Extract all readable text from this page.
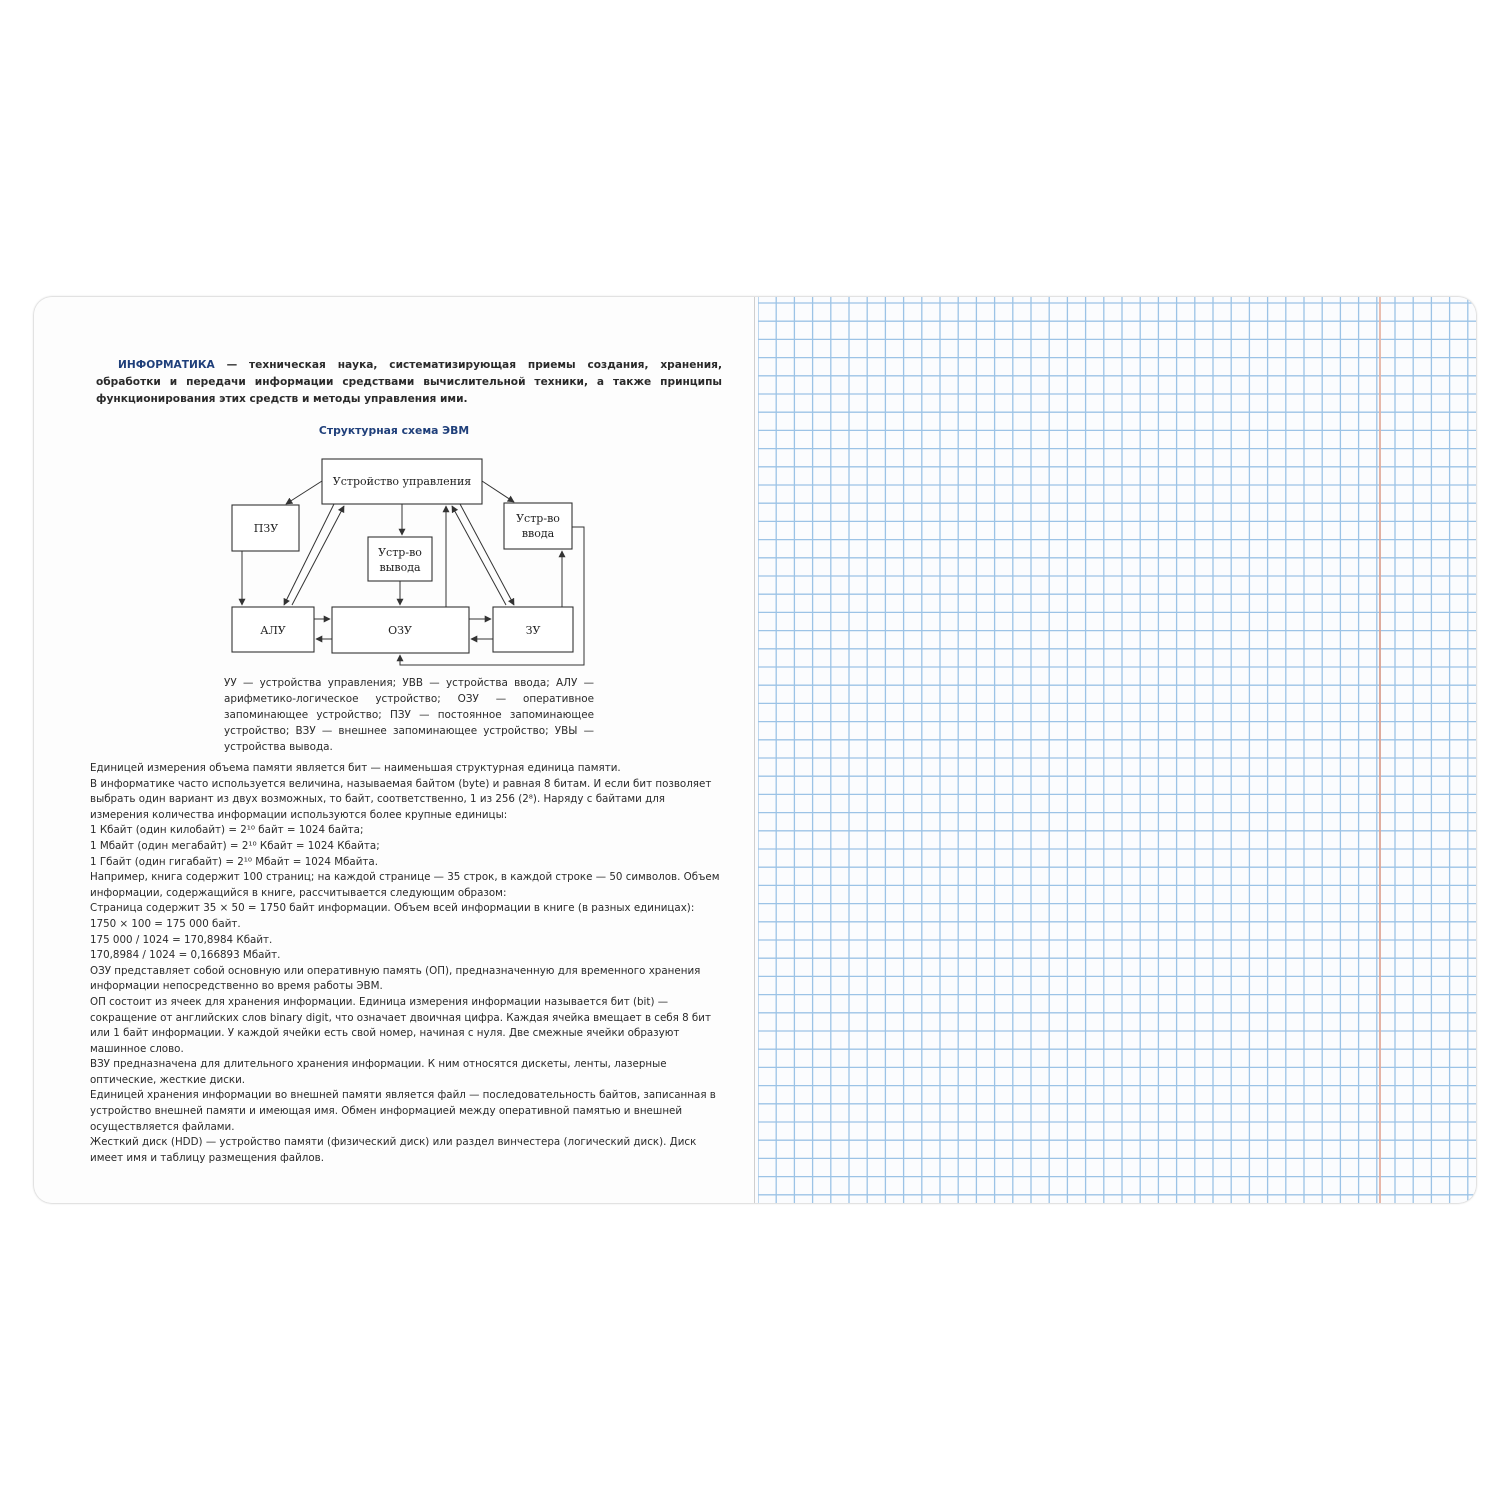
ИНФОРМАТИКА — техническая наука, систематизирующая приемы создания, хранения, обработки и передачи информации средствами вычислительной техники, а также принципы функционирования этих средств и методы управления ими.

Структурная схема ЭВМ

Устройство управления
ПЗУ
Устр-во
ввода
Устр-во
вывода
АЛУ	ОЗУ	ЗУ

УУ — устройства управления; УВВ — устройства ввода; АЛУ — арифметико-логическое устройство; ОЗУ — оперативное запоминающее устройство; ПЗУ — постоянное запоминающее устройство; ВЗУ — внешнее запоминающее устройство; УВЫ — устройства вывода.

Единицей измерения объема памяти является бит — наименьшая структурная единица памяти.

В информатике часто используется величина, называемая байтом (byte) и равная 8 битам. И если бит позволяет выбрать один вариант из двух возможных, то байт, соответственно, 1 из 256 (2⁸). Наряду с байтами для измерения количества информации используются более крупные единицы:

1 Кбайт (один килобайт) = 2¹⁰ байт = 1024 байта;

1 Мбайт (один мегабайт) = 2¹⁰ Кбайт = 1024 Кбайта;

1 Гбайт (один гигабайт) = 2¹⁰ Мбайт = 1024 Мбайта.

Например, книга содержит 100 страниц; на каждой странице — 35 строк, в каждой строке — 50 символов. Объем информации, содержащийся в книге, рассчитывается следующим образом:

Страница содержит 35 × 50 = 1750 байт информации. Объем всей информации в книге (в разных единицах):

1750 × 100 = 175 000 байт.

175 000 / 1024 = 170,8984 Кбайт.

170,8984 / 1024 = 0,166893 Мбайт.

ОЗУ представляет собой основную или оперативную память (ОП), предназначенную для временного хранения информации непосредственно во время работы ЭВМ.

ОП состоит из ячеек для хранения информации. Единица измерения информации называется бит (bit) — сокращение от английских слов binary digit, что означает двоичная цифра. Каждая ячейка вмещает в себя 8 бит или 1 байт информации. У каждой ячейки есть свой номер, начиная с нуля. Две смежные ячейки образуют машинное слово.

ВЗУ предназначена для длительного хранения информации. К ним относятся дискеты, ленты, лазерные оптические, жесткие диски.

Единицей хранения информации во внешней памяти является файл — последовательность байтов, записанная в устройство внешней памяти и имеющая имя. Обмен информацией между оперативной памятью и внешней осуществляется файлами.

Жесткий диск (HDD) — устройство памяти (физический диск) или раздел винчестера (логический диск). Диск имеет имя и таблицу размещения файлов.
